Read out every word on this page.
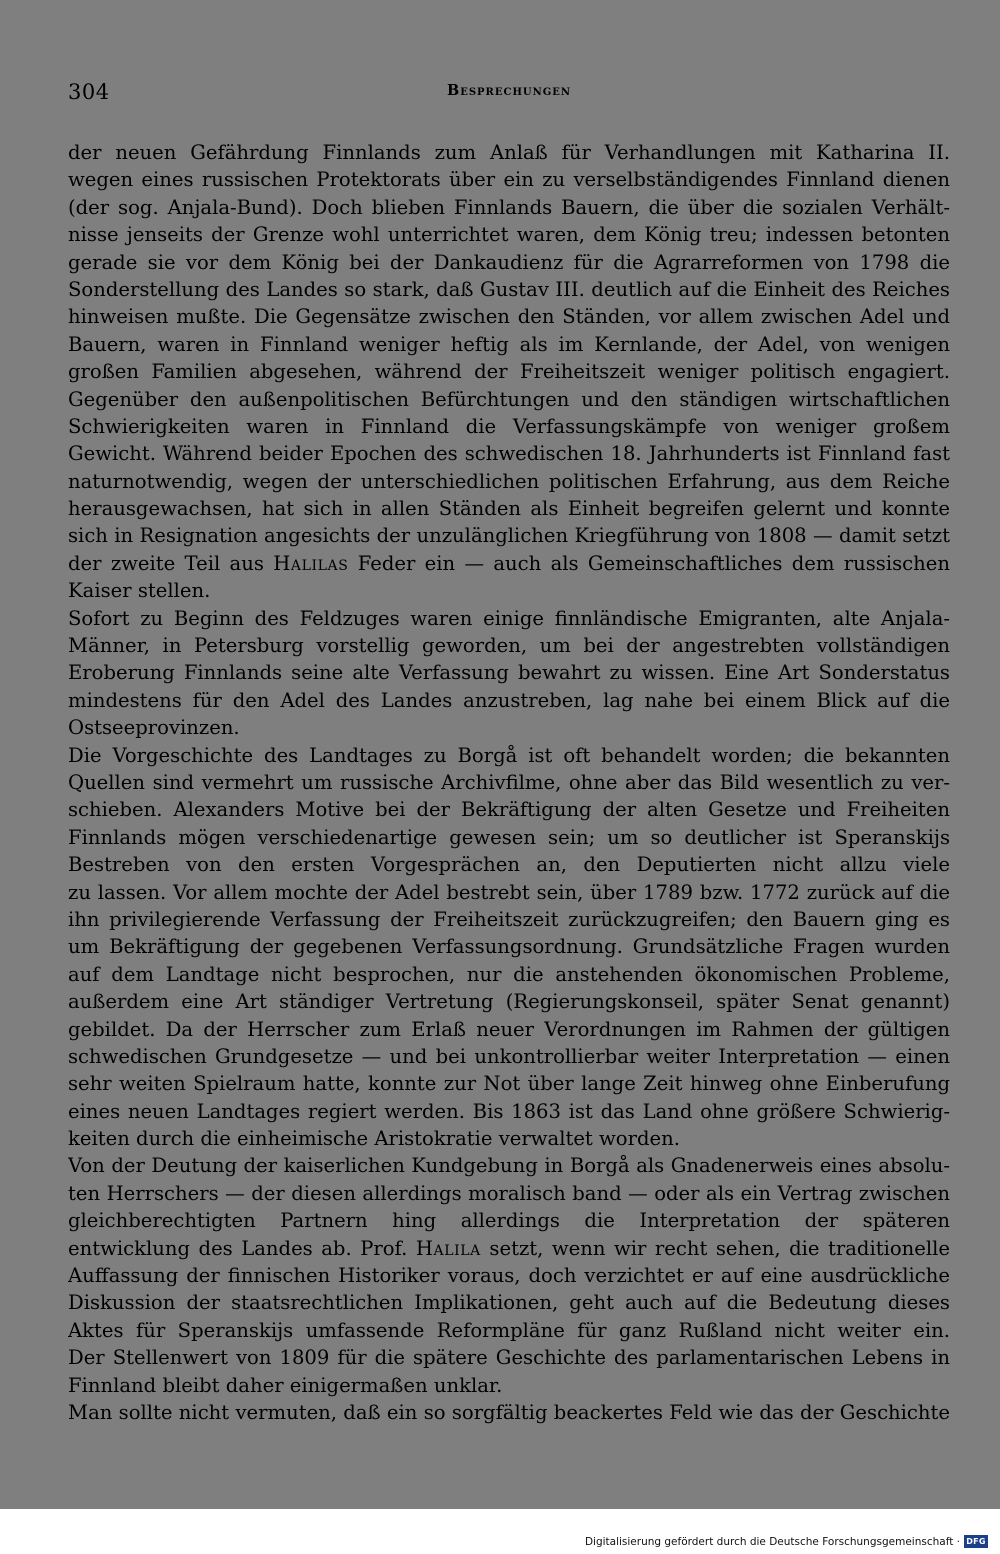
304	Besprechungen
der neuen Gefährdung Finnlands zum Anlaß für Verhandlungen mit Katharina II.
wegen eines russischen Protektorats über ein zu verselbständigendes Finnland dienen
(der sog. Anjala-Bund). Doch blieben Finnlands Bauern, die über die sozialen Verhält-
nisse jenseits der Grenze wohl unterrichtet waren, dem König treu; indessen betonten
gerade sie vor dem König bei der Dankaudienz für die Agrarreformen von 1798 die
Sonderstellung des Landes so stark, daß Gustav III. deutlich auf die Einheit des Reiches
hinweisen mußte. Die Gegensätze zwischen den Ständen, vor allem zwischen Adel und
Bauern, waren in Finnland weniger heftig als im Kernlande, der Adel, von wenigen
großen Familien abgesehen, während der Freiheitszeit weniger politisch engagiert.
Gegenüber den außenpolitischen Befürchtungen und den ständigen wirtschaftlichen
Schwierigkeiten waren in Finnland die Verfassungskämpfe von weniger großem
Gewicht. Während beider Epochen des schwedischen 18. Jahrhunderts ist Finnland fast
naturnotwendig, wegen der unterschiedlichen politischen Erfahrung, aus dem Reiche
herausgewachsen, hat sich in allen Ständen als Einheit begreifen gelernt und konnte
sich in Resignation angesichts der unzulänglichen Kriegführung von 1808 — damit setzt
der zweite Teil aus Halilas Feder ein — auch als Gemeinschaftliches dem russischen
Kaiser stellen.
Sofort zu Beginn des Feldzuges waren einige finnländische Emigranten, alte Anjala-
Männer, in Petersburg vorstellig geworden, um bei der angestrebten vollständigen
Eroberung Finnlands seine alte Verfassung bewahrt zu wissen. Eine Art Sonderstatus
mindestens für den Adel des Landes anzustreben, lag nahe bei einem Blick auf die
Ostseeprovinzen.
Die Vorgeschichte des Landtages zu Borgå ist oft behandelt worden; die bekannten
Quellen sind vermehrt um russische Archivfilme, ohne aber das Bild wesentlich zu ver-
schieben. Alexanders Motive bei der Bekräftigung der alten Gesetze und Freiheiten
Finnlands mögen verschiedenartige gewesen sein; um so deutlicher ist Speranskijs
Bestreben von den ersten Vorgesprächen an, den Deputierten nicht allzu viele
zu lassen. Vor allem mochte der Adel bestrebt sein, über 1789 bzw. 1772 zurück auf die
ihn privilegierende Verfassung der Freiheitszeit zurückzugreifen; den Bauern ging es
um Bekräftigung der gegebenen Verfassungsordnung. Grundsätzliche Fragen wurden
auf dem Landtage nicht besprochen, nur die anstehenden ökonomischen Probleme,
außerdem eine Art ständiger Vertretung (Regierungskonseil, später Senat genannt)
gebildet. Da der Herrscher zum Erlaß neuer Verordnungen im Rahmen der gültigen
schwedischen Grundgesetze — und bei unkontrollierbar weiter Interpretation — einen
sehr weiten Spielraum hatte, konnte zur Not über lange Zeit hinweg ohne Einberufung
eines neuen Landtages regiert werden. Bis 1863 ist das Land ohne größere Schwierig-
keiten durch die einheimische Aristokratie verwaltet worden.
Von der Deutung der kaiserlichen Kundgebung in Borgå als Gnadenerweis eines absolu-
ten Herrschers — der diesen allerdings moralisch band — oder als ein Vertrag zwischen
gleichberechtigten Partnern hing allerdings die Interpretation der späteren
entwicklung des Landes ab. Prof. Halila setzt, wenn wir recht sehen, die traditionelle
Auffassung der finnischen Historiker voraus, doch verzichtet er auf eine ausdrückliche
Diskussion der staatsrechtlichen Implikationen, geht auch auf die Bedeutung dieses
Aktes für Speranskijs umfassende Reformpläne für ganz Rußland nicht weiter ein.
Der Stellenwert von 1809 für die spätere Geschichte des parlamentarischen Lebens in
Finnland bleibt daher einigermaßen unklar.
Man sollte nicht vermuten, daß ein so sorgfältig beackertes Feld wie das der Geschichte
Digitalisierung gefördert durch die Deutsche Forschungsgemeinschaft · DFG
